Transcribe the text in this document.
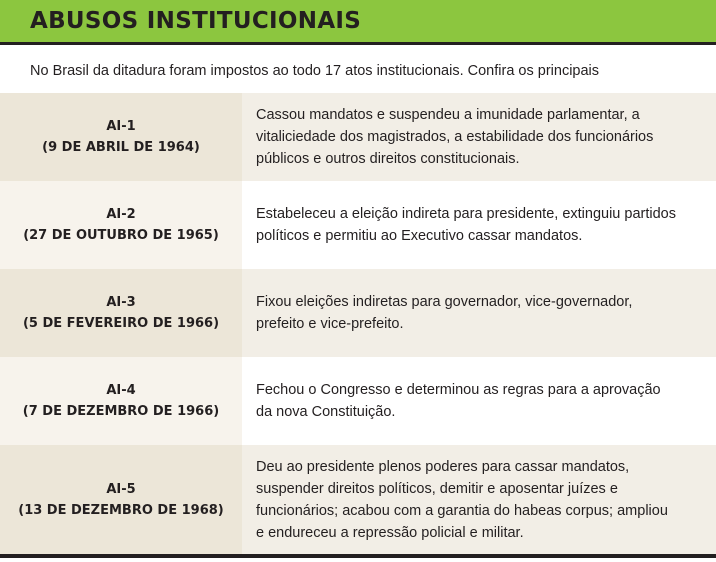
ABUSOS INSTITUCIONAIS
No Brasil da ditadura foram impostos ao todo 17 atos institucionais. Confira os principais
AI-1
(9 DE ABRIL DE 1964)
Cassou mandatos e suspendeu a imunidade parlamentar, a
vitaliciedade dos magistrados, a estabilidade dos funcionários
públicos e outros direitos constitucionais.
AI-2
(27 DE OUTUBRO DE 1965)
Estabeleceu a eleição indireta para presidente, extinguiu partidos
políticos e permitiu ao Executivo cassar mandatos.
AI-3
(5 DE FEVEREIRO DE 1966)
Fixou eleições indiretas para governador, vice-governador,
prefeito e vice-prefeito.
AI-4
(7 DE DEZEMBRO DE 1966)
Fechou o Congresso e determinou as regras para a aprovação
da nova Constituição.
AI-5
(13 DE DEZEMBRO DE 1968)
Deu ao presidente plenos poderes para cassar mandatos,
suspender direitos políticos, demitir e aposentar juízes e
funcionários; acabou com a garantia do habeas corpus; ampliou
e endureceu a repressão policial e militar.
